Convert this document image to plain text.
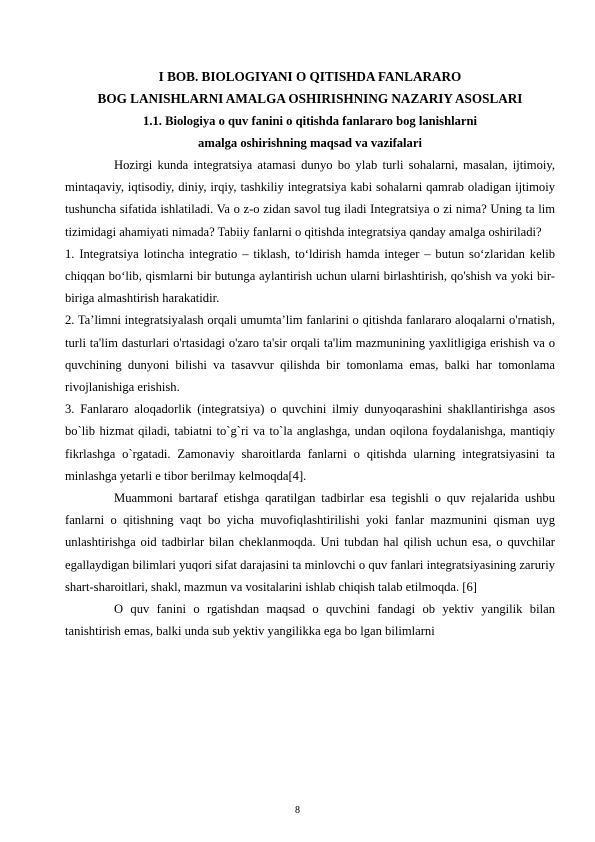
I BOB. BIOLOGIYANI O QITISHDA FANLARARO

BOG LANISHLARNI AMALGA OSHIRISHNING NAZARIY ASOSLARI

1.1. Biologiya o quv fanini o qitishda fanlararo bog lanishlarni

amalga oshirishning maqsad va vazifalari

Hozirgi kunda integratsiya atamasi dunyo bo ylab turli sohalarni, masalan, ijtimoiy, mintaqaviy, iqtisodiy, diniy, irqiy, tashkiliy integratsiya kabi sohalarni qamrab oladigan ijtimoiy tushuncha sifatida ishlatiladi. Va o z-o zidan savol tug iladi Integratsiya o zi nima? Uning ta lim tizimidagi ahamiyati nimada? Tabiiy fanlarni o qitishda integratsiya qanday amalga oshiriladi?

1. Integratsiya lotincha integratio – tiklash, to‘ldirish hamda integer – butun so‘zlaridan kelib chiqqan bo‘lib, qismlarni bir butunga aylantirish uchun ularni birlashtirish, qo'shish va yoki bir-biriga almashtirish harakatidir.

2. Ta’limni integratsiyalash orqali umumta’lim fanlarini o qitishda fanlararo aloqalarni o'rnatish, turli ta'lim dasturlari o'rtasidagi o'zaro ta'sir orqali ta'lim mazmunining yaxlitligiga erishish va o quvchining dunyoni bilishi va tasavvur qilishda bir tomonlama emas, balki har tomonlama rivojlanishiga erishish.

3. Fanlararo aloqadorlik (integratsiya) o quvchini ilmiy dunyoqarashini shakllantirishga asos bo`lib hizmat qiladi, tabiatni to`g`ri va to`la anglashga, undan oqilona foydalanishga, mantiqiy fikrlashga o`rgatadi. Zamonaviy sharoitlarda fanlarni o qitishda ularning integratsiyasini ta minlashga yetarli e tibor berilmay kelmoqda[4].

Muammoni bartaraf etishga qaratilgan tadbirlar esa tegishli o quv rejalarida ushbu fanlarni o qitishning vaqt bo yicha muvofiqlashtirilishi yoki fanlar mazmunini qisman uyg unlashtirishga oid tadbirlar bilan cheklanmoqda. Uni tubdan hal qilish uchun esa, o quvchilar egallaydigan bilimlari yuqori sifat darajasini ta minlovchi o quv fanlari integratsiyasining zaruriy shart-sharoitlari, shakl, mazmun va vositalarini ishlab chiqish talab etilmoqda. [6]

O quv fanini o rgatishdan maqsad o quvchini fandagi ob yektiv yangilik bilan tanishtirish emas, balki unda sub yektiv yangilikka ega bo lgan bilimlarni

8
